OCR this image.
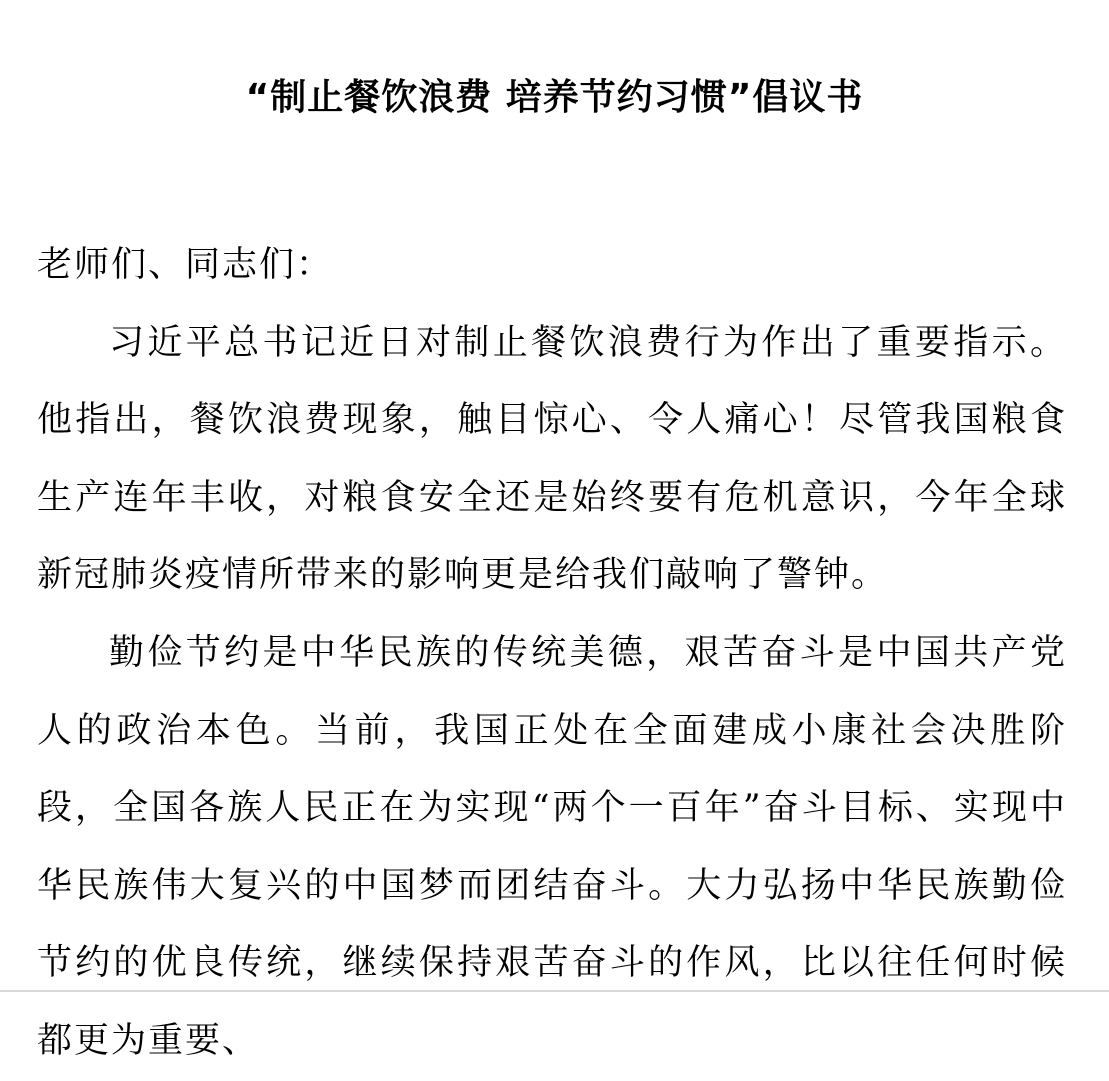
“制止餐饮浪费 培养节约习惯”倡议书

老师们、同志们：

习近平总书记近日对制止餐饮浪费行为作出了重要指示。他指出，餐饮浪费现象，触目惊心、令人痛心！尽管我国粮食生产连年丰收，对粮食安全还是始终要有危机意识，今年全球新冠肺炎疫情所带来的影响更是给我们敲响了警钟。

勤俭节约是中华民族的传统美德，艰苦奋斗是中国共产党人的政治本色。当前，我国正处在全面建成小康社会决胜阶段，全国各族人民正在为实现“两个一百年”奋斗目标、实现中华民族伟大复兴的中国梦而团结奋斗。大力弘扬中华民族勤俭节约的优良传统，继续保持艰苦奋斗的作风，比以往任何时候都更为重要、
